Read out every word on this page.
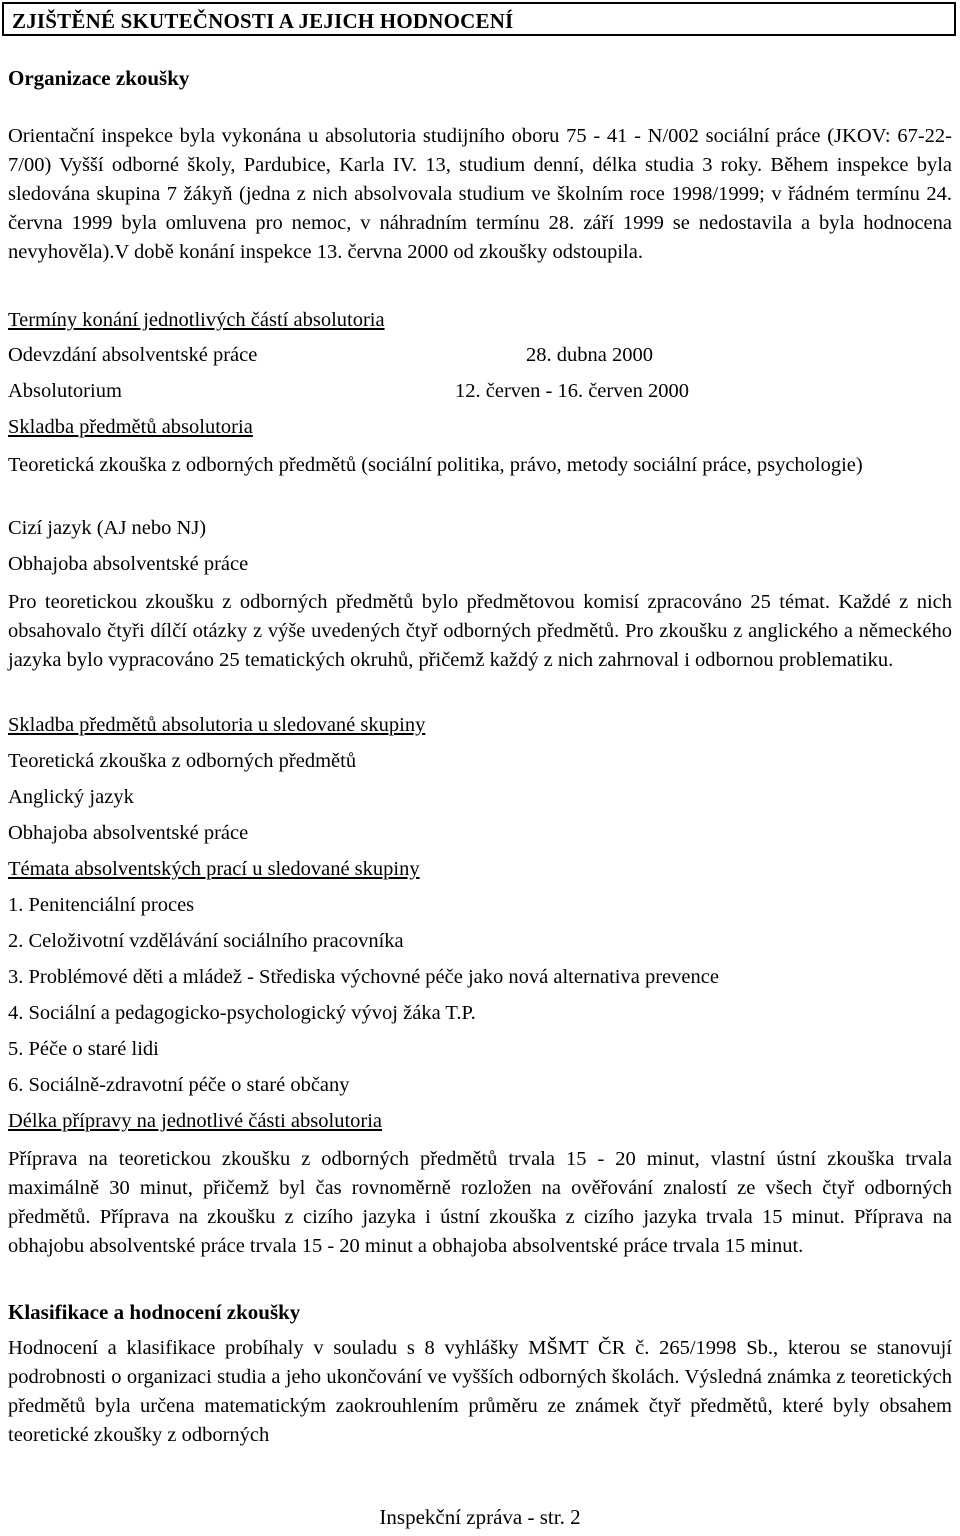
ZJIŠTĚNÉ SKUTEČNOSTI A JEJICH HODNOCENÍ
Organizace zkoušky
Orientační inspekce byla vykonána u absolutoria studijního oboru 75 - 41 - N/002 sociální práce (JKOV: 67-22-7/00) Vyšší odborné školy, Pardubice, Karla IV. 13, studium denní, délka studia 3 roky. Během inspekce byla sledována skupina 7 žákyň (jedna z nich absolvovala studium ve školním roce 1998/1999; v řádném termínu 24. června 1999 byla omluvena pro nemoc, v náhradním termínu 28. září 1999 se nedostavila a byla hodnocena nevyhověla).V době konání inspekce 13. června 2000 od zkoušky odstoupila.
Termíny konání jednotlivých částí absolutoria
Odevzdání absolventské práce	28. dubna 2000
Absolutorium	12. červen - 16. červen 2000
Skladba předmětů absolutoria
Teoretická zkouška z odborných předmětů (sociální politika, právo, metody sociální práce, psychologie)
Cizí jazyk (AJ nebo NJ)
Obhajoba absolventské práce
Pro teoretickou zkoušku z odborných předmětů bylo předmětovou komisí zpracováno 25 témat. Každé z nich obsahovalo čtyři dílčí otázky z výše uvedených čtyř odborných předmětů. Pro zkoušku z anglického a německého jazyka bylo vypracováno 25 tematických okruhů, přičemž každý z nich zahrnoval i odbornou problematiku.
Skladba předmětů absolutoria u sledované skupiny
Teoretická zkouška z odborných předmětů
Anglický jazyk
Obhajoba absolventské práce
Témata absolventských prací u sledované skupiny
1. Penitenciální proces
2. Celoživotní vzdělávání sociálního pracovníka
3. Problémové děti a mládež - Střediska výchovné péče jako nová alternativa prevence
4. Sociální a pedagogicko-psychologický vývoj žáka T.P.
5. Péče o staré lidi
6. Sociálně-zdravotní péče o staré občany
Délka přípravy na jednotlivé části absolutoria
Příprava na teoretickou zkoušku z odborných předmětů trvala 15 - 20 minut, vlastní ústní zkouška trvala maximálně 30 minut, přičemž byl čas rovnoměrně rozložen na ověřování znalostí ze všech čtyř odborných předmětů. Příprava na zkoušku z cizího jazyka i ústní zkouška z cizího jazyka trvala 15 minut. Příprava na obhajobu absolventské práce trvala 15 - 20 minut a obhajoba absolventské práce trvala 15 minut.
Klasifikace a hodnocení zkoušky
Hodnocení a klasifikace probíhaly v souladu s 8 vyhlášky MŠMT ČR č. 265/1998 Sb., kterou se stanovují podrobnosti o organizaci studia a jeho ukončování ve vyšších odborných školách. Výsledná známka z teoretických předmětů byla určena matematickým zaokrouhlením průměru ze známek čtyř předmětů, které byly obsahem teoretické zkoušky z odborných
Inspekční zpráva - str. 2
